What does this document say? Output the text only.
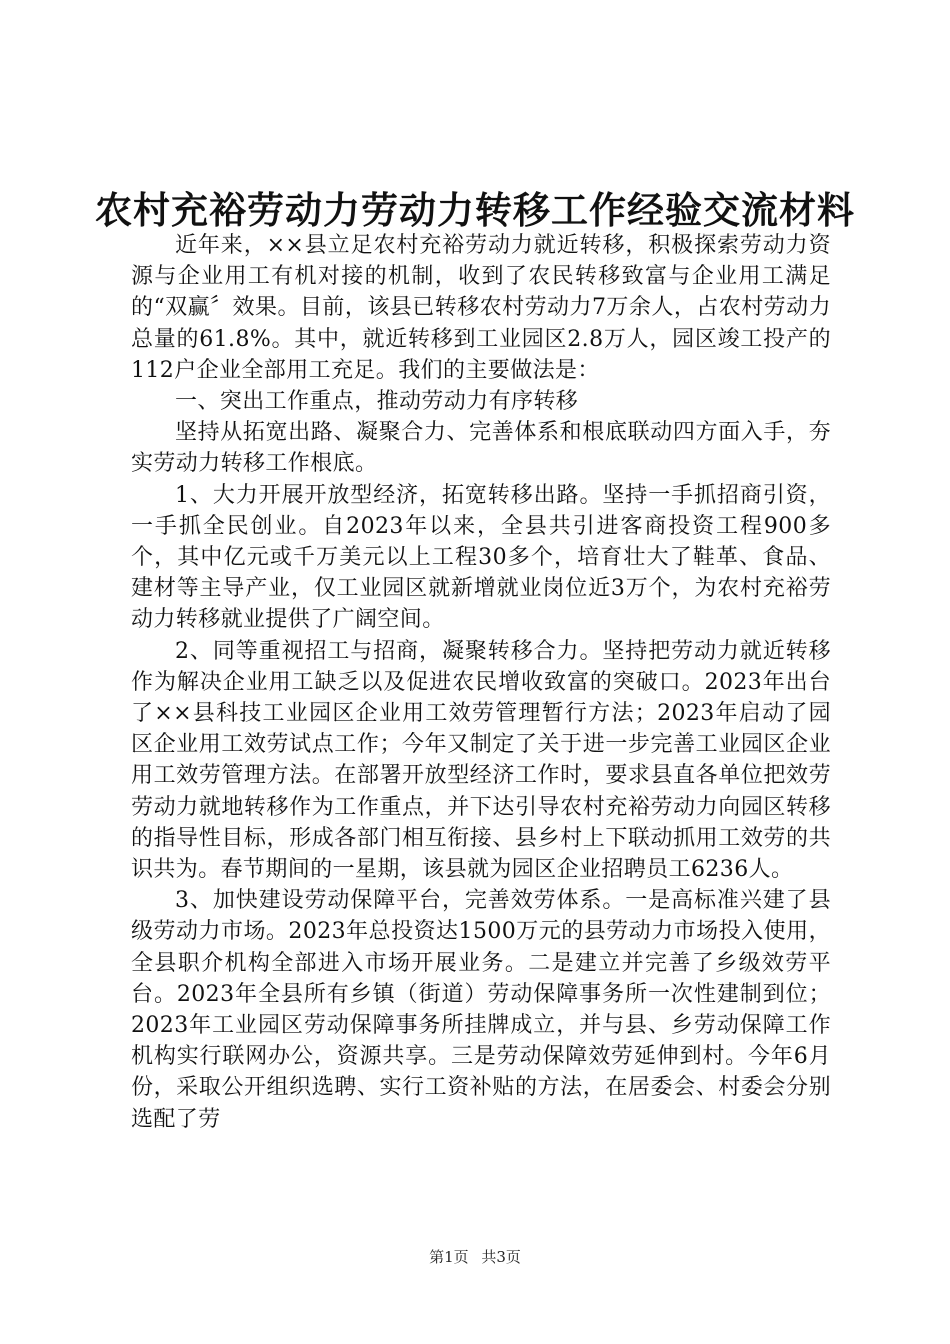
农村充裕劳动力劳动力转移工作经验交流材料

近年来，××县立足农村充裕劳动力就近转移，积极探索劳动力资源与企业用工有机对接的机制，收到了农民转移致富与企业用工满足的“双赢〞效果。目前，该县已转移农村劳动力7万余人，占农村劳动力总量的61.8%。其中，就近转移到工业园区2.8万人，园区竣工投产的112户企业全部用工充足。我们的主要做法是：

一、突出工作重点，推动劳动力有序转移

坚持从拓宽出路、凝聚合力、完善体系和根底联动四方面入手，夯实劳动力转移工作根底。

1、大力开展开放型经济，拓宽转移出路。坚持一手抓招商引资，一手抓全民创业。自2023年以来，全县共引进客商投资工程900多个，其中亿元或千万美元以上工程30多个，培育壮大了鞋革、食品、建材等主导产业，仅工业园区就新增就业岗位近3万个，为农村充裕劳动力转移就业提供了广阔空间。

2、同等重视招工与招商，凝聚转移合力。坚持把劳动力就近转移作为解决企业用工缺乏以及促进农民增收致富的突破口。2023年出台了××县科技工业园区企业用工效劳管理暂行方法；2023年启动了园区企业用工效劳试点工作；今年又制定了关于进一步完善工业园区企业用工效劳管理方法。在部署开放型经济工作时，要求县直各单位把效劳劳动力就地转移作为工作重点，并下达引导农村充裕劳动力向园区转移的指导性目标，形成各部门相互衔接、县乡村上下联动抓用工效劳的共识共为。春节期间的一星期，该县就为园区企业招聘员工6236人。

3、加快建设劳动保障平台，完善效劳体系。一是高标准兴建了县级劳动力市场。2023年总投资达1500万元的县劳动力市场投入使用，全县职介机构全部进入市场开展业务。二是建立并完善了乡级效劳平台。2023年全县所有乡镇（街道）劳动保障事务所一次性建制到位；2023年工业园区劳动保障事务所挂牌成立，并与县、乡劳动保障工作机构实行联网办公，资源共享。三是劳动保障效劳延伸到村。今年6月份，采取公开组织选聘、实行工资补贴的方法，在居委会、村委会分别选配了劳

第1页 共3页
